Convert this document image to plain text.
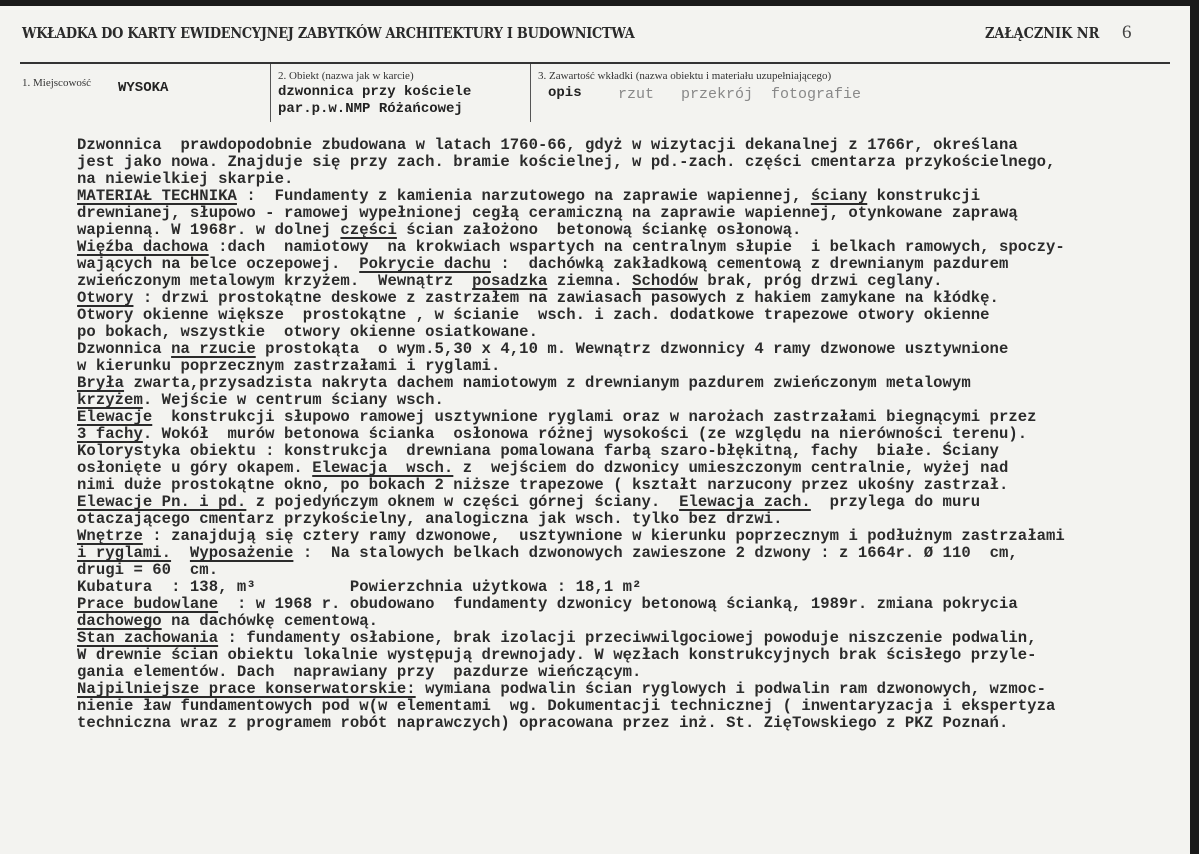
WKŁADKA DO KARTY EWIDENCYJNEJ ZABYTKÓW ARCHITEKTURY I BUDOWNICTWA	ZAŁĄCZNIK NR 6
1. Miejscowość WYSOKA
2. Obiekt (nazwa jak w karcie)
dzwonnica przy kościele
par.p.w.NMP Różańcowej
3. Zawartość wkładki (nazwa obiektu i materiału uzupełniającego)
opis rzut   przekrój  fotografie
Dzwonnica  prawdopodobnie zbudowana w latach 1760-66, gdyż w wizytacji dekanalnej z 1766r, określana
jest jako nowa. Znajduje się przy zach. bramie kościelnej, w pd.-zach. części cmentarza przykościelnego,
na niewielkiej skarpie.
MATERIAŁ TECHNIKA :  Fundamenty z kamienia narzutowego na zaprawie wapiennej, ściany konstrukcji
drewnianej, słupowo - ramowej wypełnionej cegłą ceramiczną na zaprawie wapiennej, otynkowane zaprawą
wapienną. W 1968r. w dolnej części ścian założono  betonową ściankę osłonową.
Więźba dachowa :dach  namiotowy  na krokwiach wspartych na centralnym słupie  i belkach ramowych, spoczy-
wających na belce oczepowej.  Pokrycie dachu :  dachówką zakładkową cementową z drewnianym pazdurem
zwieńczonym metalowym krzyżem.  Wewnątrz  posadzka ziemna. Schodów brak, próg drzwi ceglany.
Otwory : drzwi prostokątne deskowe z zastrzałem na zawiasach pasowych z hakiem zamykane na kłódkę.
Otwory okienne większe  prostokątne , w ścianie  wsch. i zach. dodatkowe trapezowe otwory okienne
po bokach, wszystkie  otwory okienne osiatkowane.
Dzwonnica na rzucie prostokąta  o wym.5,30 x 4,10 m. Wewnątrz dzwonnicy 4 ramy dzwonowe usztywnione
w kierunku poprzecznym zastrzałami i ryglami.
Bryła zwarta,przysadzista nakryta dachem namiotowym z drewnianym pazdurem zwieńczonym metalowym
krzyżem. Wejście w centrum ściany wsch.
Elewacje  konstrukcji słupowo ramowej usztywnione ryglami oraz w narożach zastrzałami biegnącymi przez
3 fachy. Wokół  murów betonowa ścianka  osłonowa różnej wysokości (ze względu na nierówności terenu).
Kolorystyka obiektu : konstrukcja  drewniana pomalowana farbą szaro-błękitną, fachy  białe. Ściany
osłonięte u góry okapem. Elewacja  wsch. z  wejściem do dzwonicy umieszczonym centralnie, wyżej nad
nimi duże prostokątne okno, po bokach 2 niższe trapezowe ( kształt narzucony przez ukośny zastrzał.
Elewacje Pn. i pd. z pojedyńczym oknem w części górnej ściany.  Elewacja zach.  przylega do muru
otaczającego cmentarz przykościelny, analogiczna jak wsch. tylko bez drzwi.
Wnętrze : zanajdują się cztery ramy dzwonowe,  usztywnione w kierunku poprzecznym i podłużnym zastrzałami
i ryglami. Wyposażenie :  Na stalowych belkach dzwonowych zawieszone 2 dzwony : z 1664r. Ø 110  cm,
drugi = 60  cm.
Kubatura  : 138, m³          Powierzchnia użytkowa : 18,1 m²
Prace budowlane  : w 1968 r. obudowano  fundamenty dzwonicy betonową ścianką, 1989r. zmiana pokrycia
dachowego na dachówkę cementową.
Stan zachowania : fundamenty osłabione, brak izolacji przeciwwilgociowej powoduje niszczenie podwalin,
W drewnie ścian obiektu lokalnie występują drewnojady. W węzłach konstrukcyjnych brak ścisłego przyle-
gania elementów. Dach  naprawiany przy  pazdurze wieńczącym.
Najpilniejsze prace konserwatorskie: wymiana podwalin ścian ryglowych i podwalin ram dzwonowych, wzmoc-
nienie ław fundamentowych pod w(w elementami  wg. Dokumentacji technicznej ( inwentaryzacja i ekspertyza
techniczna wraz z programem robót naprawczych) opracowana przez inż. St. ZięTowskiego z PKZ Poznań.
